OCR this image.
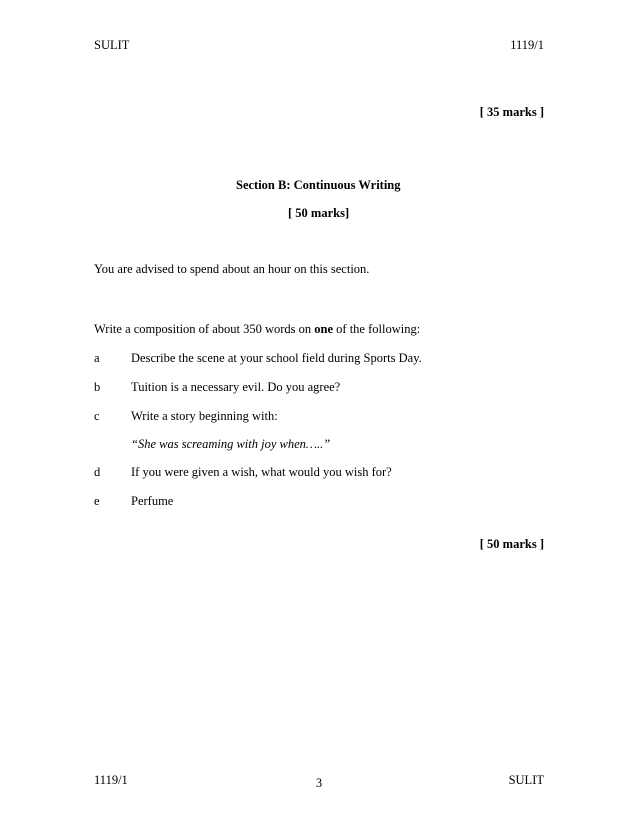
SULIT	1119/1
[ 35 marks ]
Section B: Continuous Writing
[ 50 marks]
You are advised to spend about an hour on this section.
Write a composition of about 350 words on one of the following:
a	Describe the scene at your school field during Sports Day.
b Tuition is a necessary evil. Do you agree?
c	Write a story beginning with:
“She was screaming with joy when…..”
d If you were given a wish, what would you wish for?
e	Perfume
[ 50 marks ]
1119/1	3	SULIT
